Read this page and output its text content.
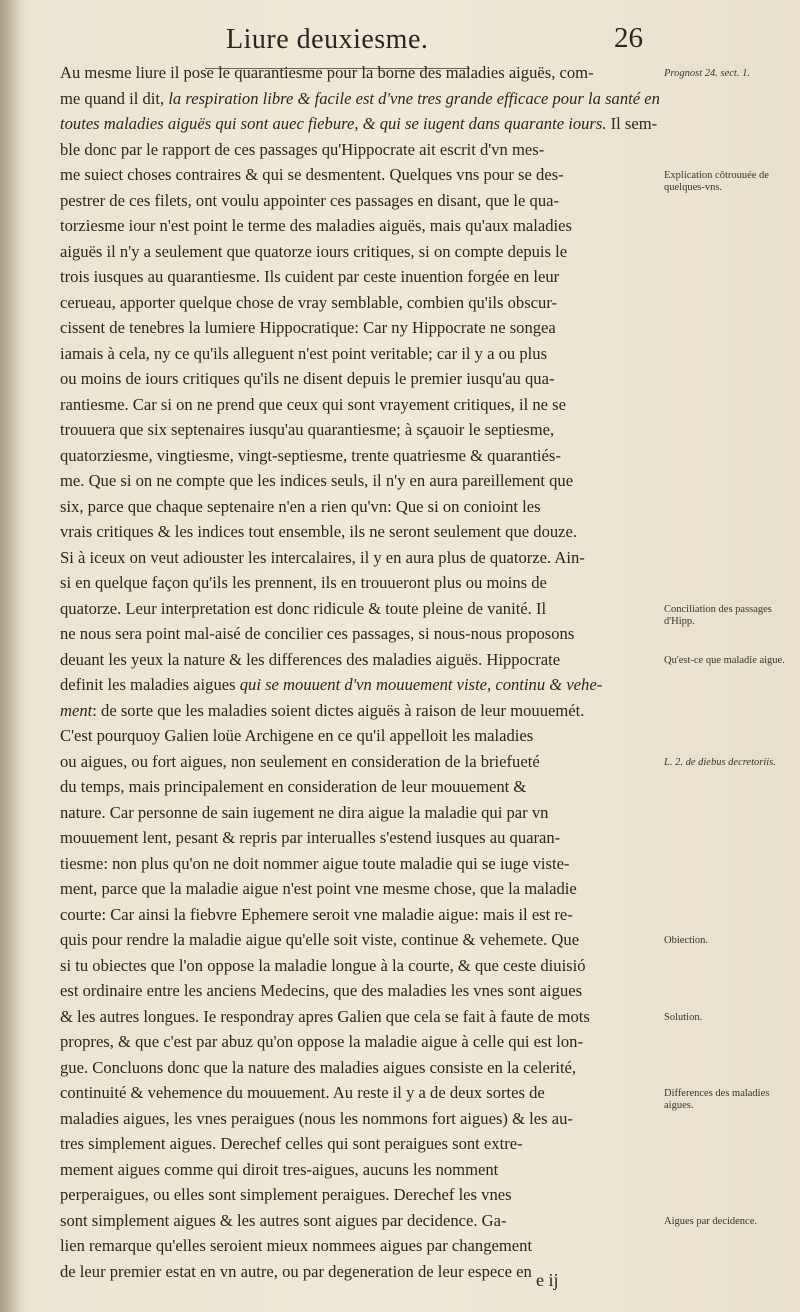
Liure deuxiesme.	26
Au mesme liure il pose le quarantiesme pour la borne des maladies aiguës, com-
me quand il dit, la respiration libre & facile est d'vne tres grande efficace pour la santé en
toutes maladies aiguës qui sont auec fiebure, & qui se iugent dans quarante iours. Il sem-
ble donc par le rapport de ces passages qu'Hippocrate ait escrit d'vn mes-
me suiect choses contraires & qui se desmentent. Quelques vns pour se des-
pestrer de ces filets, ont voulu appointer ces passages en disant, que le qua-
torziesme iour n'est point le terme des maladies aiguës, mais qu'aux maladies
aiguës il n'y a seulement que quatorze iours critiques, si on compte depuis le
trois iusques au quarantiesme. Ils cuident par ceste inuention forgée en leur
cerueau, apporter quelque chose de vray semblable, combien qu'ils obscur-
cissent de tenebres la lumiere Hippocratique: Car ny Hippocrate ne songea
iamais à cela, ny ce qu'ils alleguent n'est point veritable; car il y a ou plus
ou moins de iours critiques qu'ils ne disent depuis le premier iusqu'au qua-
rantiesme. Car si on ne prend que ceux qui sont vrayement critiques, il ne se
trouuera que six septenaires iusqu'au quarantiesme; à sçauoir le septiesme,
quatorziesme, vingtiesme, vingt-septiesme, trente quatriesme & quarantiés-
me. Que si on ne compte que les indices seuls, il n'y en aura pareillement que
six, parce que chaque septenaire n'en a rien qu'vn: Que si on conioint les
vrais critiques & les indices tout ensemble, ils ne seront seulement que douze.
Si à iceux on veut adiouster les intercalaires, il y en aura plus de quatorze. Ain-
si en quelque façon qu'ils les prennent, ils en trouueront plus ou moins de
quatorze. Leur interpretation est donc ridicule & toute pleine de vanité. Il
ne nous sera point mal-aisé de concilier ces passages, si nous-nous proposons
deuant les yeux la nature & les differences des maladies aiguës. Hippocrate
definit les maladies aigues qui se mouuent d'vn mouuement viste, continu & vehe-
ment: de sorte que les maladies soient dictes aiguës à raison de leur mouuemét.
C'est pourquoy Galien loüe Archigene en ce qu'il appelloit les maladies
ou aigues, ou fort aigues, non seulement en consideration de la briefueté
du temps, mais principalement en consideration de leur mouuement &
nature. Car personne de sain iugement ne dira aigue la maladie qui par vn
mouuement lent, pesant & repris par interualles s'estend iusques au quaran-
tiesme: non plus qu'on ne doit nommer aigue toute maladie qui se iuge viste-
ment, parce que la maladie aigue n'est point vne mesme chose, que la maladie
courte: Car ainsi la fiebvre Ephemere seroit vne maladie aigue: mais il est re-
quis pour rendre la maladie aigue qu'elle soit viste, continue & vehemete. Que
si tu obiectes que l'on oppose la maladie longue à la courte, & que ceste diuisió
est ordinaire entre les anciens Medecins, que des maladies les vnes sont aigues
& les autres longues. Ie respondray apres Galien que cela se fait à faute de mots
propres, & que c'est par abuz qu'on oppose la maladie aigue à celle qui est lon-
gue. Concluons donc que la nature des maladies aigues consiste en la celerité,
continuité & vehemence du mouuement. Au reste il y a de deux sortes de
maladies aigues, les vnes peraigues (nous les nommons fort aigues) & les au-
tres simplement aigues. Derechef celles qui sont peraigues sont extre-
mement aigues comme qui diroit tres-aigues, aucuns les nomment
perperaigues, ou elles sont simplement peraigues. Derechef les vnes
sont simplement aigues & les autres sont aigues par decidence. Ga-
lien remarque qu'elles seroient mieux nommees aigues par changement
de leur premier estat en vn autre, ou par degeneration de leur espece en
Prognost 24. sect. 1.
Explication cōtrouuée de quelques-vns.
Conciliation des passages d'Hipp.
Qu'est-ce que maladie aigue.
L. 2. de diebus decretoriis.
Obiection.
Solution.
Differences des maladies aigues.
Aigues par decidence.
e ij
